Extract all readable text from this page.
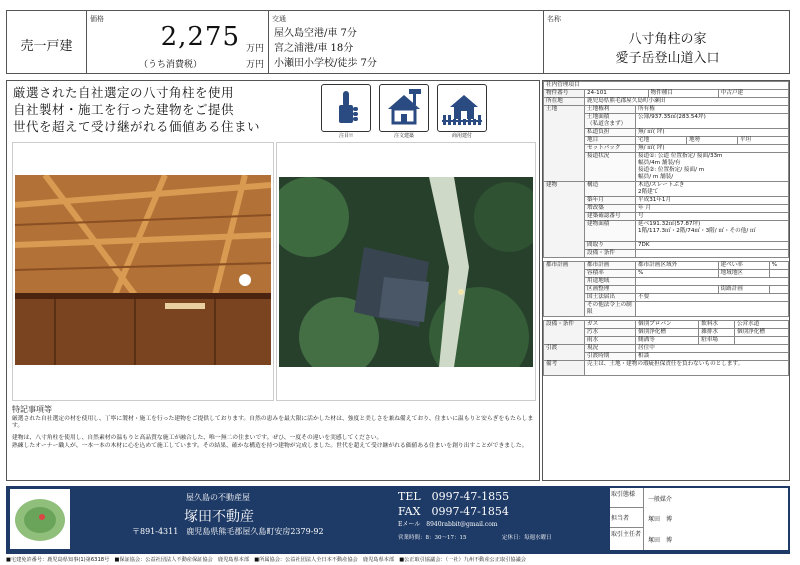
売一戸建
価格
2,275 万円
（うち消費税）	万円
交通
屋久島空港/車 7分
宮之浦港/車 18分
小瀬田小学校/徒歩 7分
名称
八寸角柱の家
愛子岳登山道入口
厳選された自社選定の八寸角柱を使用
自社製材・施工を行った建物をご提供
世代を超えて受け継がれる価値ある住まい
注目!!	注文建築	商用建付
特記事項等
厳選された自社選定の材を使用し、丁寧に製材・施工を行った建物をご提供しております。自然の恵みを最大限に活かした材は、強度と美しさを兼ね備えており、住まいに温もりと安らぎをもたらします。
建物は、八寸角柱を使用し、自然素材の温もりと高品質な施工が融合した、唯一無二の住まいです。ぜひ、一度その違いを実感してください。
熟練したオーナー職人が、一本一本の木材に心を込めて施工しています。その結果、確かな構造を持つ建物が完成しました。世代を超えて受け継がれる価値ある住まいを創り出すことができました。
社内管理項目			
物件番号	24-101	物件種目	中古戸建
所在地	鹿児島県熊毛郡屋久島町小瀬田		
土地	土地権利	所有権		
	土地面積
（私道含まず）	公簿/937.35㎡(283.54坪)		
	私道負担	無/ ㎡( 坪)		
	地目	宅地	地勢	平坦
	セットバック	無/ ㎡( 坪)		
	接道状況	接道①: 公道 位置指定/ 接面/33m
幅員/4m 舗装/有
接道②: 位置指定/ 接面/ m
幅員/ m 舗装/		
建物	構造	木造/スレートぶき
2階建て
	築年月	平成31年1月
	増改築	年 月
	建築確認番号	号
	建物面積	延べ191.32㎡(57.87坪)
1階/117.3㎡・2階/74㎡・3階/ ㎡・その他/ ㎡
	間取り	7DK
	設備・条件	
都市計画	都市計画	都市計画区域外	建ぺい率	%
	容積率	%	地域地区	
	用途地域			
	区画整理		街路計画	
	国土法届出	不要		
	その他法令上の制限			
設備・条件	ガス	個別プロパン	飲料水	公営水道
	汚水	個別浄化槽	雑排水	個別浄化槽
	雨水	側溝等	駐車場	
引渡	現況	居住中
	引渡時期	相談
備考	売主は、土地・建物の瑕疵担保責任を負わないものとします。	
屋久島の不動産屋
塚田不動産
〒891-4311　鹿児島県熊毛郡屋久島町安房2379-92
TEL　0997-47-1855
FAX　0997-47-1854
Eメール　8940rabbit@gmail.com
営業時間：8：30〜17：15	定休日：毎週水曜日
取引態様
一般媒介
担当者	塚田　博
取引主任者
塚田　博
■宅建免許番号：鹿児島県知事(1)第6318号　■保証協会：公益社団法人不動産保証協会　鹿児島県本部　■所属協会：公益社団法人全日本不動産協会　鹿児島県本部　■公正取引協議会：（一社）九州不動産公正取引協議会
